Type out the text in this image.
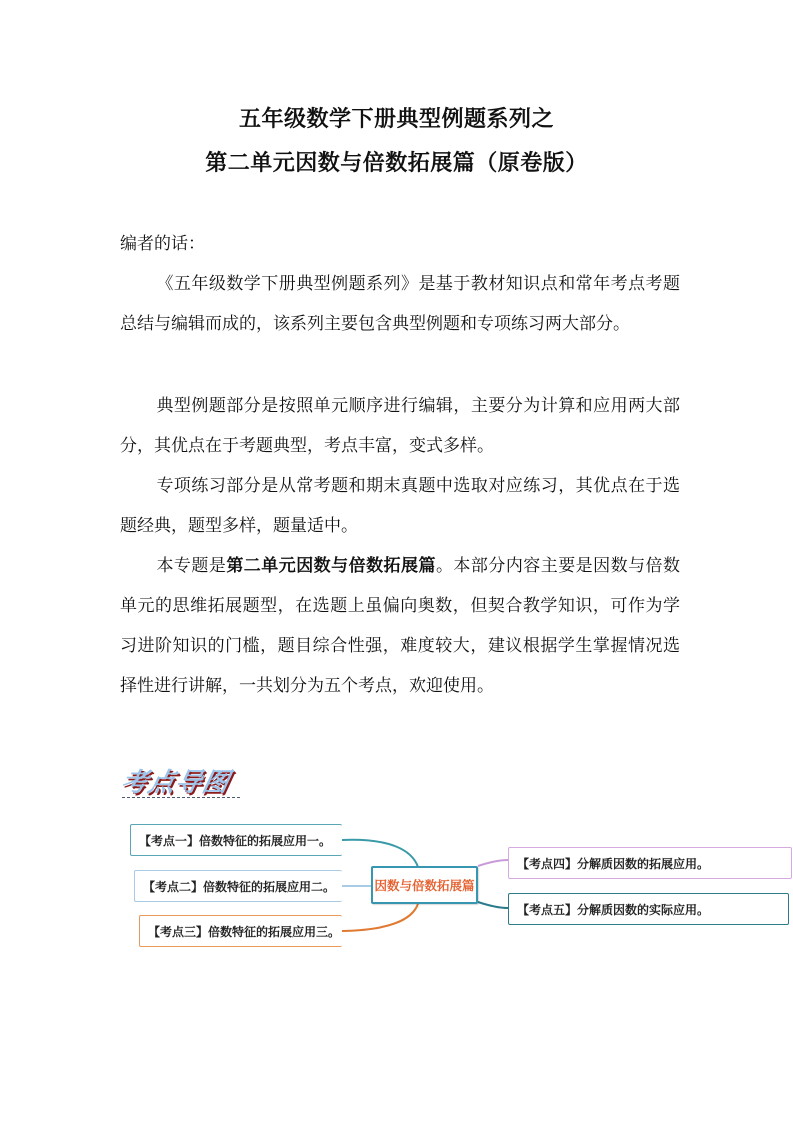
五年级数学下册典型例题系列之
第二单元因数与倍数拓展篇（原卷版）
编者的话：
《五年级数学下册典型例题系列》是基于教材知识点和常年考点考题总结与编辑而成的，该系列主要包含典型例题和专项练习两大部分。
典型例题部分是按照单元顺序进行编辑，主要分为计算和应用两大部分，其优点在于考题典型，考点丰富，变式多样。
专项练习部分是从常考题和期末真题中选取对应练习，其优点在于选题经典，题型多样，题量适中。
本专题是第二单元因数与倍数拓展篇。本部分内容主要是因数与倍数单元的思维拓展题型，在选题上虽偏向奥数，但契合教学知识，可作为学习进阶知识的门槛，题目综合性强，难度较大，建议根据学生掌握情况选择性进行讲解，一共划分为五个考点，欢迎使用。
考点导图
【考点一】倍数特征的拓展应用一。
【考点二】倍数特征的拓展应用二。
【考点三】倍数特征的拓展应用三。
因数与倍数拓展篇
【考点四】分解质因数的拓展应用。
【考点五】分解质因数的实际应用。
